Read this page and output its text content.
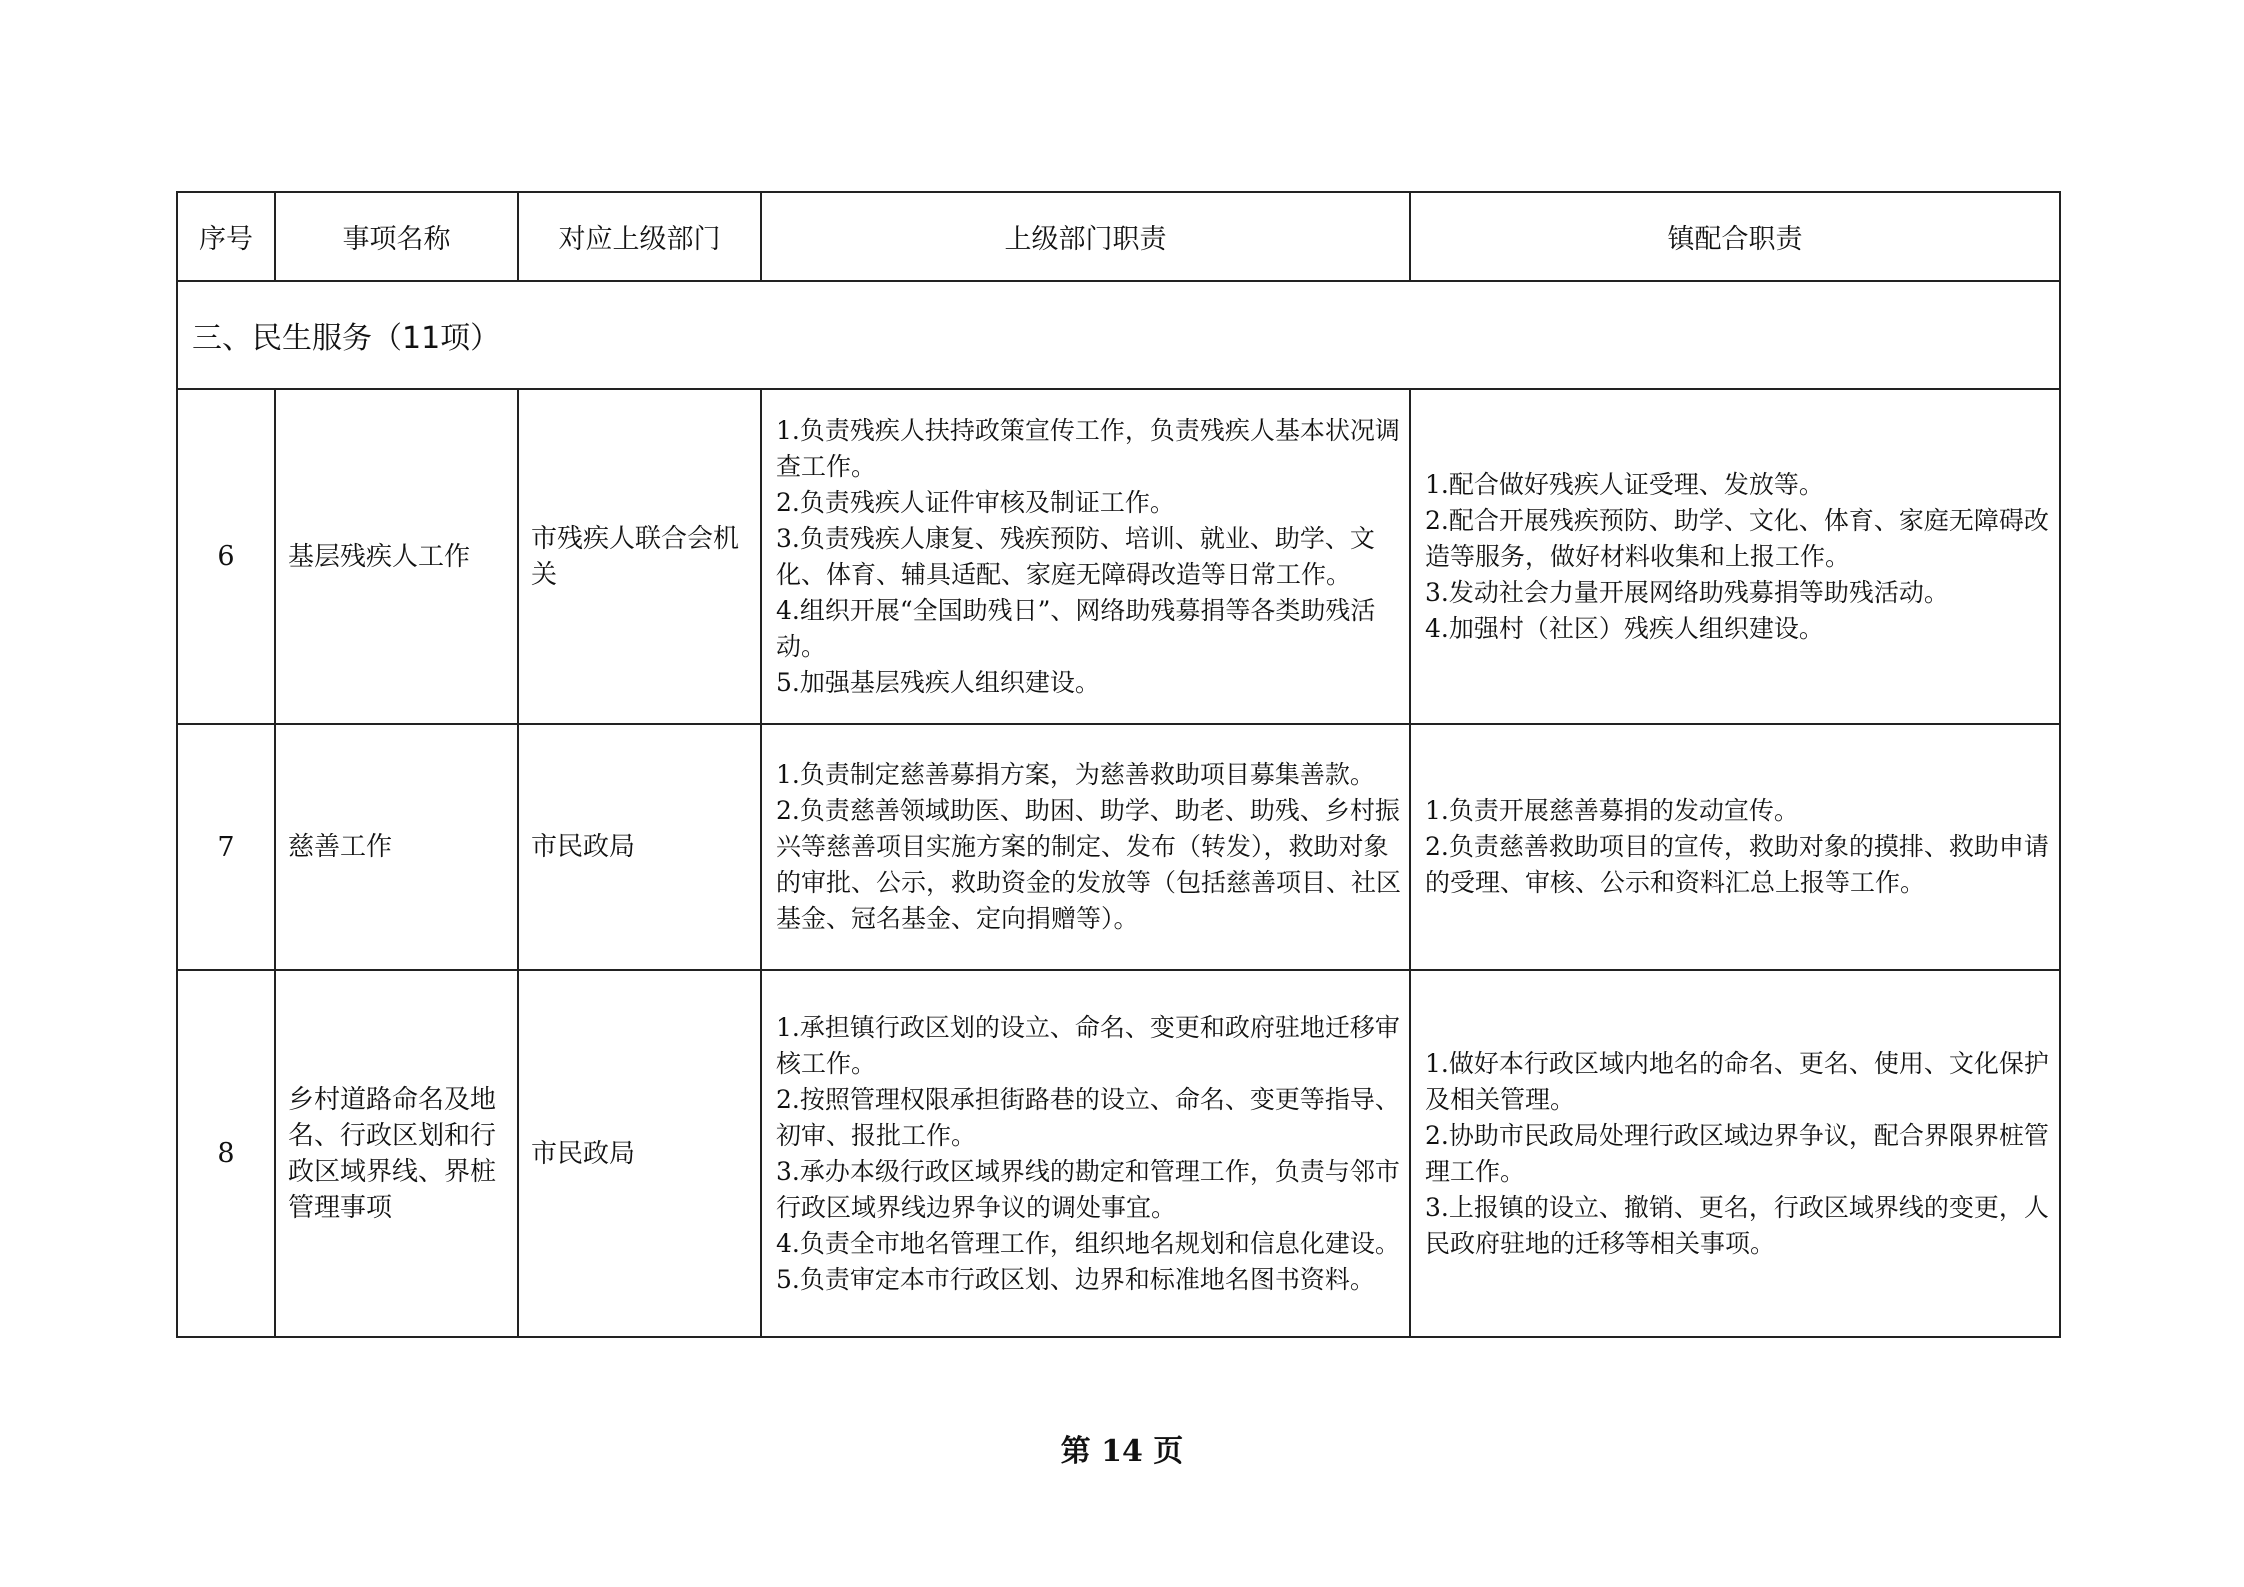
序号	事项名称	对应上级部门	上级部门职责	镇配合职责
三、民生服务（11项）				
6	基层残疾人工作	市残疾人联合会机关	1.负责残疾人扶持政策宣传工作，负责残疾人基本状况调查工作。
2.负责残疾人证件审核及制证工作。
3.负责残疾人康复、残疾预防、培训、就业、助学、文化、体育、辅具适配、家庭无障碍改造等日常工作。
4.组织开展“全国助残日”、网络助残募捐等各类助残活动。
5.加强基层残疾人组织建设。	1.配合做好残疾人证受理、发放等。
2.配合开展残疾预防、助学、文化、体育、家庭无障碍改造等服务，做好材料收集和上报工作。
3.发动社会力量开展网络助残募捐等助残活动。
4.加强村（社区）残疾人组织建设。

7	慈善工作	市民政局	1.负责制定慈善募捐方案，为慈善救助项目募集善款。
2.负责慈善领域助医、助困、助学、助老、助残、乡村振兴等慈善项目实施方案的制定、发布（转发），救助对象的审批、公示，救助资金的发放等（包括慈善项目、社区基金、冠名基金、定向捐赠等）。	1.负责开展慈善募捐的发动宣传。
2.负责慈善救助项目的宣传，救助对象的摸排、救助申请的受理、审核、公示和资料汇总上报等工作。

8	乡村道路命名及地名、行政区划和行政区域界线、界桩管理事项	市民政局	1.承担镇行政区划的设立、命名、变更和政府驻地迁移审核工作。
2.按照管理权限承担街路巷的设立、命名、变更等指导、初审、报批工作。
3.承办本级行政区域界线的勘定和管理工作，负责与邻市行政区域界线边界争议的调处事宜。
4.负责全市地名管理工作，组织地名规划和信息化建设。
5.负责审定本市行政区划、边界和标准地名图书资料。	1.做好本行政区域内地名的命名、更名、使用、文化保护及相关管理。
2.协助市民政局处理行政区域边界争议，配合界限界桩管理工作。
3.上报镇的设立、撤销、更名，行政区域界线的变更，人民政府驻地的迁移等相关事项。
第 14 页
